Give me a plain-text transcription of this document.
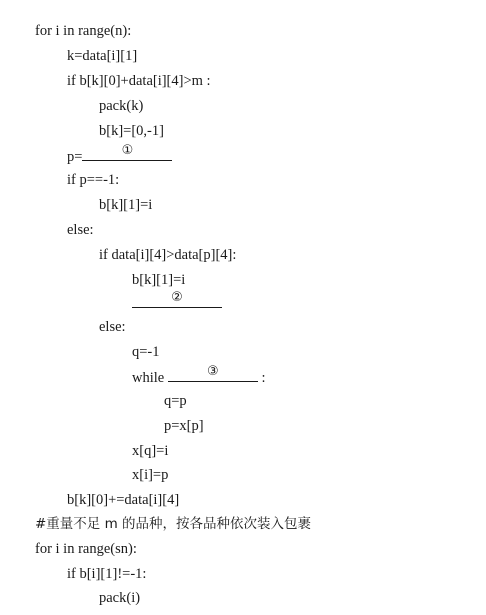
for i in range(n):
k=data[i][1]
if b[k][0]+data[i][4]>m :
pack(k)
b[k]=[0,-1]
p=	①
if p==-1:
b[k][1]=i
else:
if data[i][4]>data[p][4]:
b[k][1]=i
②
else:
q=-1
while	③	:
q=p
p=x[p]
x[q]=i
x[i]=p
b[k][0]+=data[i][4]
#重量不足 m 的品种，按各品种依次装入包裹
for i in range(sn):
if b[i][1]!=-1:
pack(i)
